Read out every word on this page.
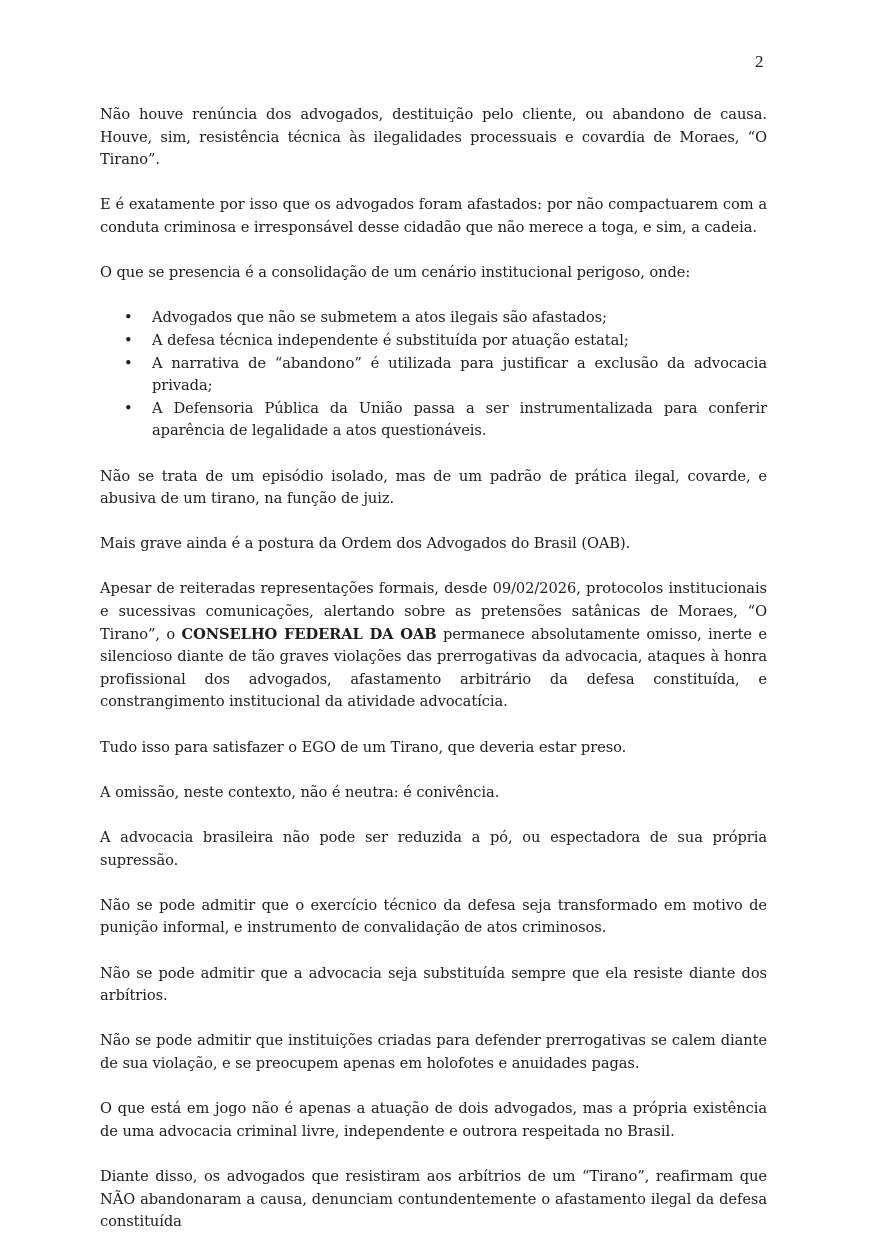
2

Não houve renúncia dos advogados, destituição pelo cliente, ou abandono de causa. Houve, sim, resistência técnica às ilegalidades processuais e covardia de Moraes, “O Tirano”.

E é exatamente por isso que os advogados foram afastados: por não compactuarem com a conduta criminosa e irresponsável desse cidadão que não merece a toga, e sim, a cadeia.

O que se presencia é a consolidação de um cenário institucional perigoso, onde:

• Advogados que não se submetem a atos ilegais são afastados;
• A defesa técnica independente é substituída por atuação estatal;
• A narrativa de “abandono” é utilizada para justificar a exclusão da advocacia privada;
• A Defensoria Pública da União passa a ser instrumentalizada para conferir aparência de legalidade a atos questionáveis.

Não se trata de um episódio isolado, mas de um padrão de prática ilegal, covarde, e abusiva de um tirano, na função de juiz.

Mais grave ainda é a postura da Ordem dos Advogados do Brasil (OAB).

Apesar de reiteradas representações formais, desde 09/02/2026, protocolos institucionais e sucessivas comunicações, alertando sobre as pretensões satânicas de Moraes, “O Tirano”, o CONSELHO FEDERAL DA OAB permanece absolutamente omisso, inerte e silencioso diante de tão graves violações das prerrogativas da advocacia, ataques à honra profissional dos advogados, afastamento arbitrário da defesa constituída, e constrangimento institucional da atividade advocatícia.

Tudo isso para satisfazer o EGO de um Tirano, que deveria estar preso.

A omissão, neste contexto, não é neutra: é conivência.

A advocacia brasileira não pode ser reduzida a pó, ou espectadora de sua própria supressão.

Não se pode admitir que o exercício técnico da defesa seja transformado em motivo de punição informal, e instrumento de convalidação de atos criminosos.

Não se pode admitir que a advocacia seja substituída sempre que ela resiste diante dos arbítrios.

Não se pode admitir que instituições criadas para defender prerrogativas se calem diante de sua violação, e se preocupem apenas em holofotes e anuidades pagas.

O que está em jogo não é apenas a atuação de dois advogados, mas a própria existência de uma advocacia criminal livre, independente e outrora respeitada no Brasil.

Diante disso, os advogados que resistiram aos arbítrios de um “Tirano”, reafirmam que NÃO abandonaram a causa, denunciam contundentemente o afastamento ilegal da defesa constituída
